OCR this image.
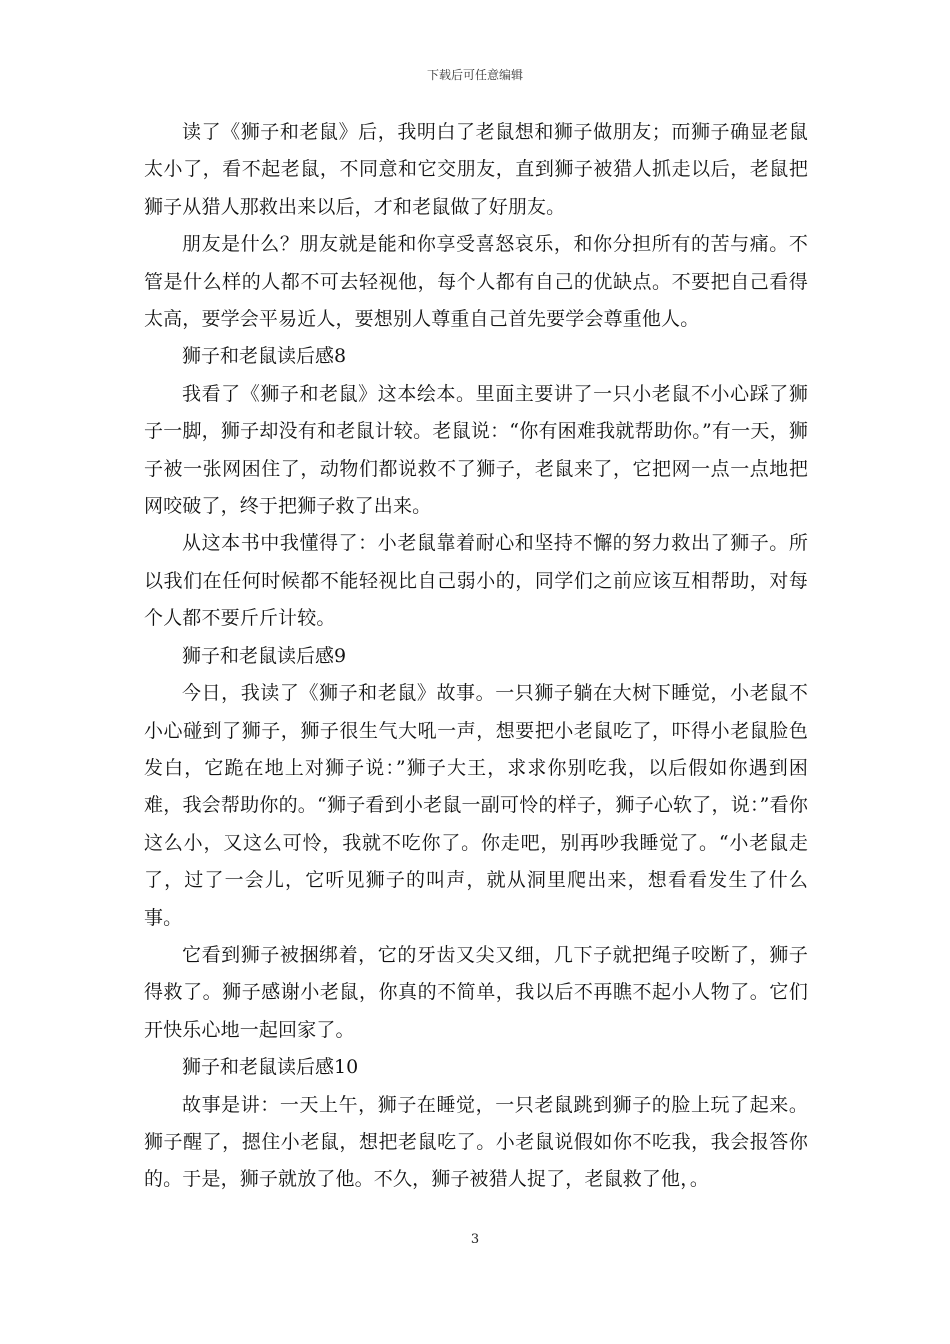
下载后可任意编辑

读了《狮子和老鼠》后，我明白了老鼠想和狮子做朋友；而狮子确显老鼠太小了，看不起老鼠，不同意和它交朋友，直到狮子被猎人抓走以后，老鼠把狮子从猎人那救出来以后，才和老鼠做了好朋友。

朋友是什么？朋友就是能和你享受喜怒哀乐，和你分担所有的苦与痛。不管是什么样的人都不可去轻视他，每个人都有自己的优缺点。不要把自己看得太高，要学会平易近人，要想别人尊重自己首先要学会尊重他人。

狮子和老鼠读后感8

我看了《狮子和老鼠》这本绘本。里面主要讲了一只小老鼠不小心踩了狮子一脚，狮子却没有和老鼠计较。老鼠说：“你有困难我就帮助你。”有一天，狮子被一张网困住了，动物们都说救不了狮子，老鼠来了，它把网一点一点地把网咬破了，终于把狮子救了出来。

从这本书中我懂得了：小老鼠靠着耐心和坚持不懈的努力救出了狮子。所以我们在任何时候都不能轻视比自己弱小的，同学们之前应该互相帮助，对每个人都不要斤斤计较。

狮子和老鼠读后感9

今日，我读了《狮子和老鼠》故事。一只狮子躺在大树下睡觉，小老鼠不小心碰到了狮子，狮子很生气大吼一声，想要把小老鼠吃了，吓得小老鼠脸色发白，它跪在地上对狮子说：”狮子大王，求求你别吃我，以后假如你遇到困难，我会帮助你的。“狮子看到小老鼠一副可怜的样子，狮子心软了，说：”看你这么小，又这么可怜，我就不吃你了。你走吧，别再吵我睡觉了。“小老鼠走了，过了一会儿，它听见狮子的叫声，就从洞里爬出来，想看看发生了什么事。

它看到狮子被捆绑着，它的牙齿又尖又细，几下子就把绳子咬断了，狮子得救了。狮子感谢小老鼠，你真的不简单，我以后不再瞧不起小人物了。它们开快乐心地一起回家了。

狮子和老鼠读后感10

故事是讲：一天上午，狮子在睡觉，一只老鼠跳到狮子的脸上玩了起来。狮子醒了，摁住小老鼠，想把老鼠吃了。小老鼠说假如你不吃我，我会报答你的。于是，狮子就放了他。不久，狮子被猎人捉了，老鼠救了他，。

3
